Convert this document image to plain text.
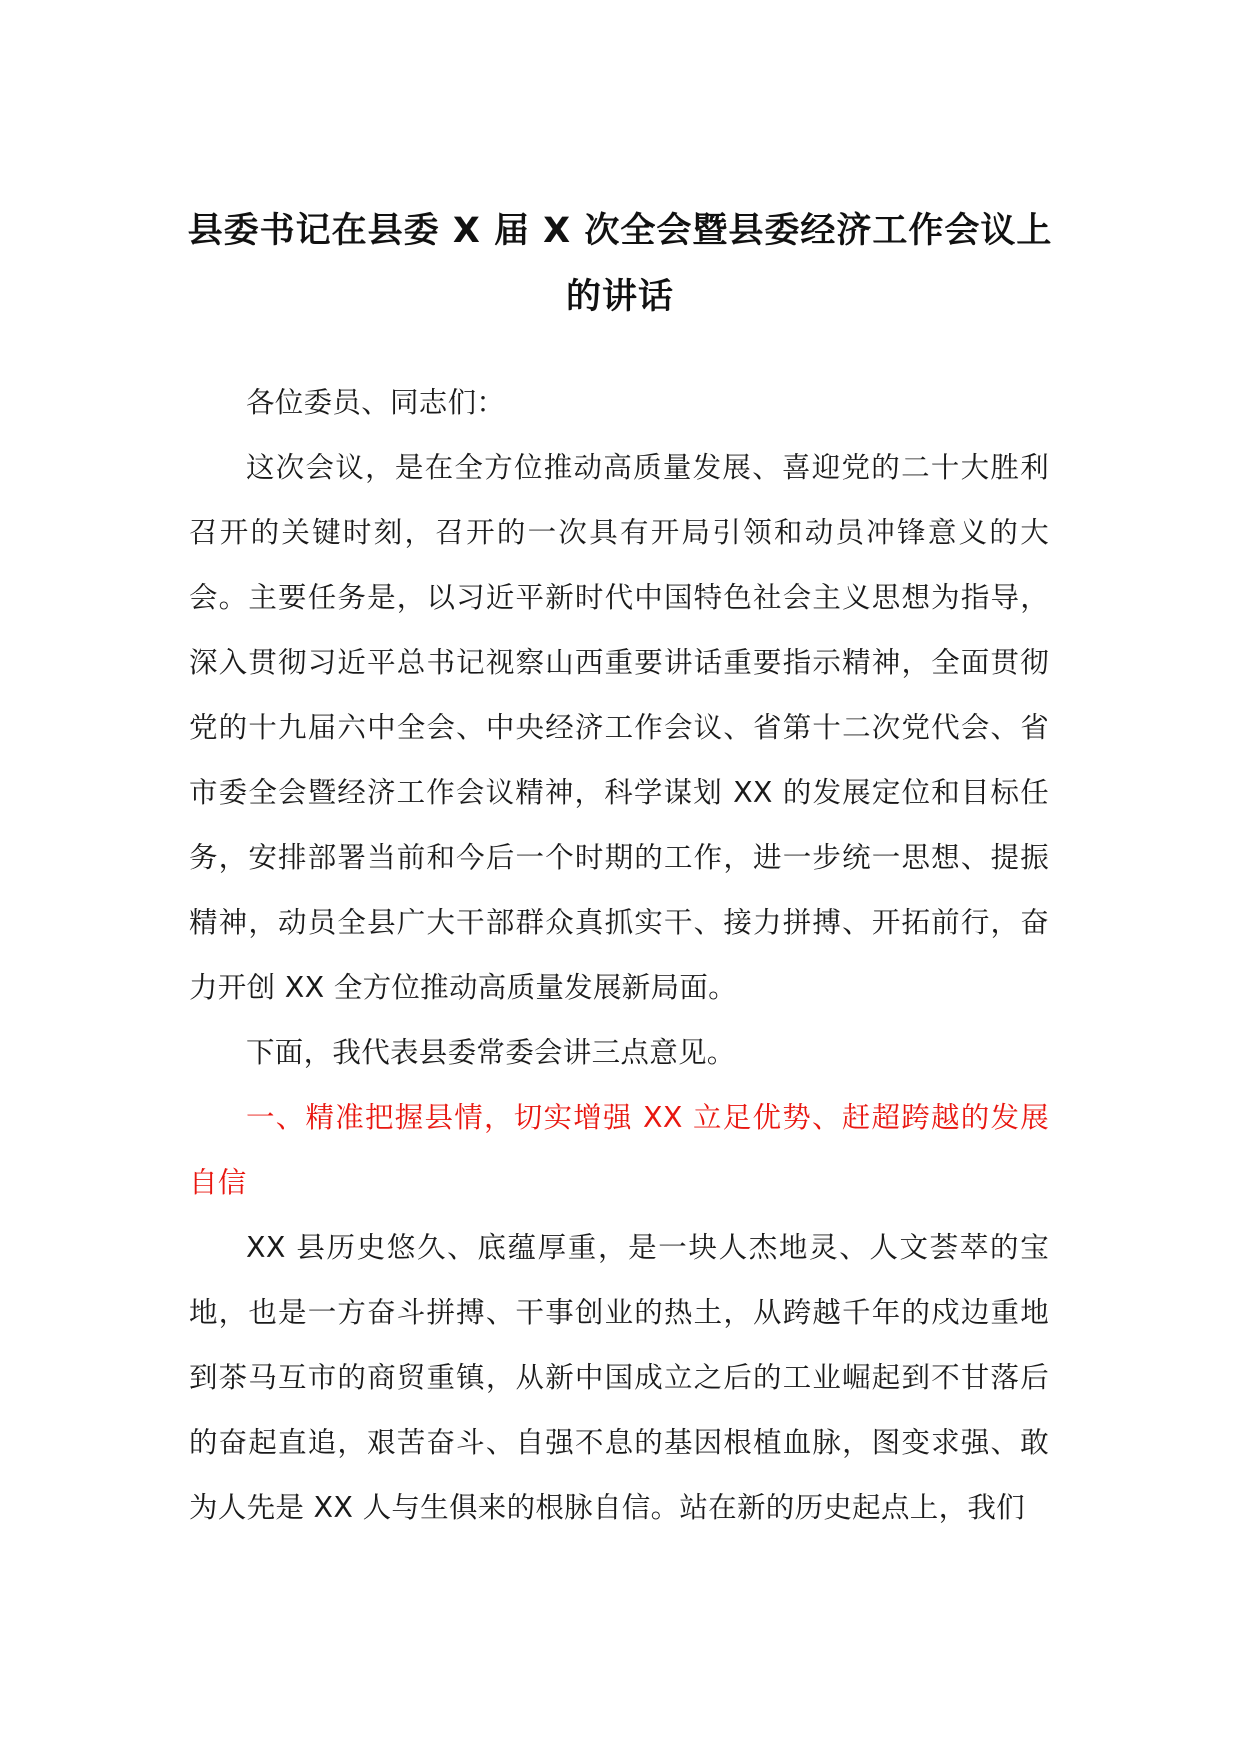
县委书记在县委 X 届 X 次全会暨县委经济工作会议上的讲话

各位委员、同志们：

这次会议，是在全方位推动高质量发展、喜迎党的二十大胜利召开的关键时刻，召开的一次具有开局引领和动员冲锋意义的大会。主要任务是，以习近平新时代中国特色社会主义思想为指导，深入贯彻习近平总书记视察山西重要讲话重要指示精神，全面贯彻党的十九届六中全会、中央经济工作会议、省第十二次党代会、省市委全会暨经济工作会议精神，科学谋划 XX 的发展定位和目标任务，安排部署当前和今后一个时期的工作，进一步统一思想、提振精神，动员全县广大干部群众真抓实干、接力拼搏、开拓前行，奋力开创 XX 全方位推动高质量发展新局面。

下面，我代表县委常委会讲三点意见。

一、精准把握县情，切实增强 XX 立足优势、赶超跨越的发展自信

XX 县历史悠久、底蕴厚重，是一块人杰地灵、人文荟萃的宝地，也是一方奋斗拼搏、干事创业的热土，从跨越千年的戍边重地到茶马互市的商贸重镇，从新中国成立之后的工业崛起到不甘落后的奋起直追，艰苦奋斗、自强不息的基因根植血脉，图变求强、敢为人先是 XX 人与生俱来的根脉自信。站在新的历史起点上，我们
